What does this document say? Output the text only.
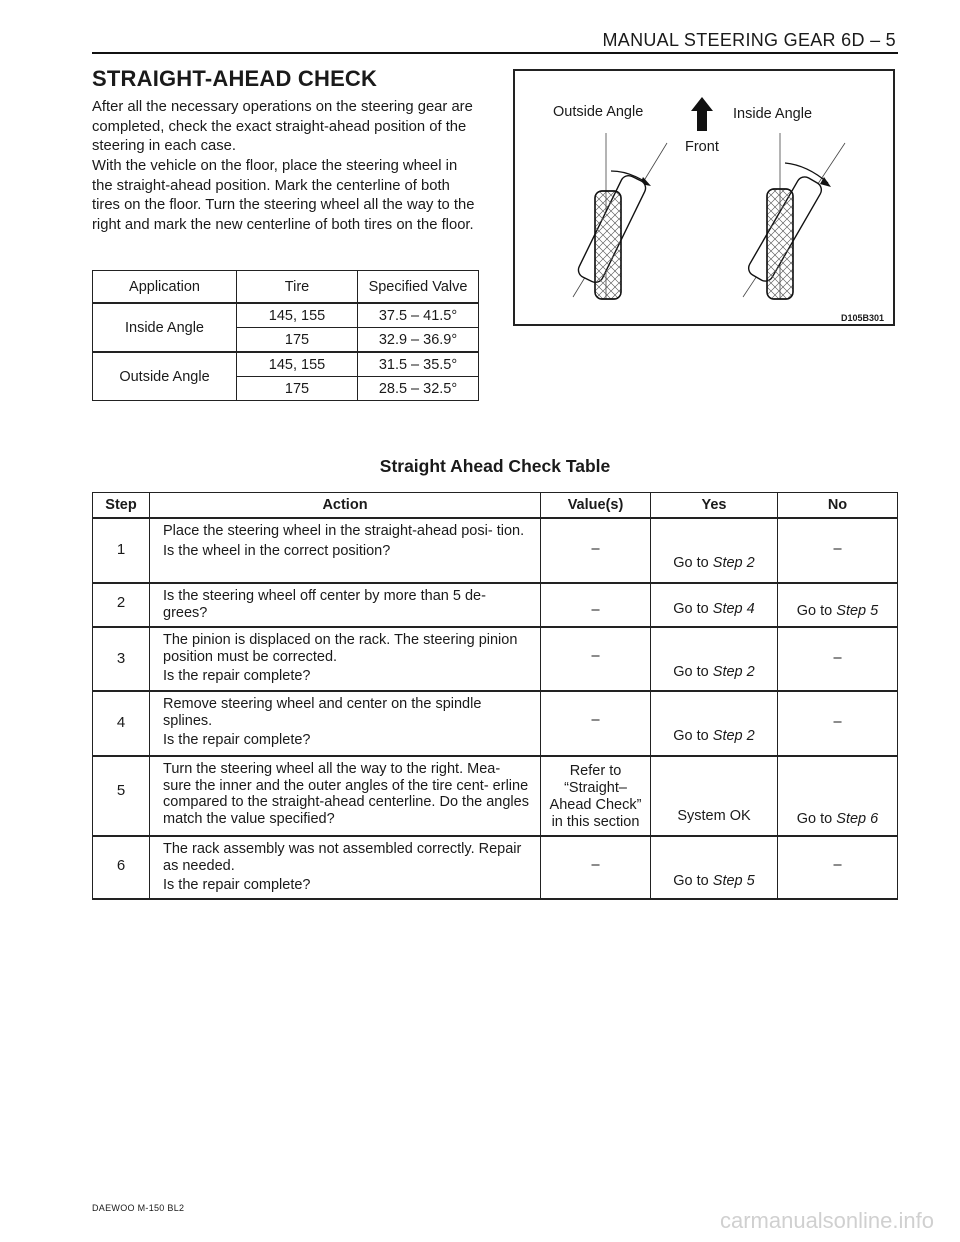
MANUAL STEERING GEAR 6D – 5
STRAIGHT-AHEAD CHECK

After all the necessary operations on the steering gear are completed, check the exact straight-ahead position of the steering in each case.

With the vehicle on the floor, place the steering wheel in the straight-ahead position. Mark the centerline of both tires on the floor. Turn the steering wheel all the way to the right and mark the new centerline of both tires on the floor.

Application	Tire	Specified Valve
Inside Angle	145, 155	37.5 – 41.5°
	175	32.9 – 36.9°
Outside Angle	145, 155	31.5 – 35.5°
	175	28.5 – 32.5°
Outside Angle	Inside Angle
Front
D105B301
Straight Ahead Check Table
Step	Action	Value(s)	Yes	No

1	Place the steering wheel in the straight-ahead posi- tion.
Is the wheel in the correct position?	–	Go to Step 2	–

2	Is the steering wheel off center by more than 5 de- grees?	–	Go to Step 4	Go to Step 5

3	The pinion is displaced on the rack. The steering pinion position must be corrected.
Is the repair complete?	–	Go to Step 2	–

4	Remove steering wheel and center on the spindle splines.
Is the repair complete?	–	Go to Step 2	–

5	Turn the steering wheel all the way to the right. Mea- sure the inner and the outer angles of the tire cent- erline compared to the straight-ahead centerline. Do the angles match the value specified?	Refer to “Straight– Ahead Check” in this section	System OK	Go to Step 6

6	The rack assembly was not assembled correctly. Repair as needed.
Is the repair complete?	–	Go to Step 5	–
DAEWOO M-150 BL2	carmanualsonline.info
